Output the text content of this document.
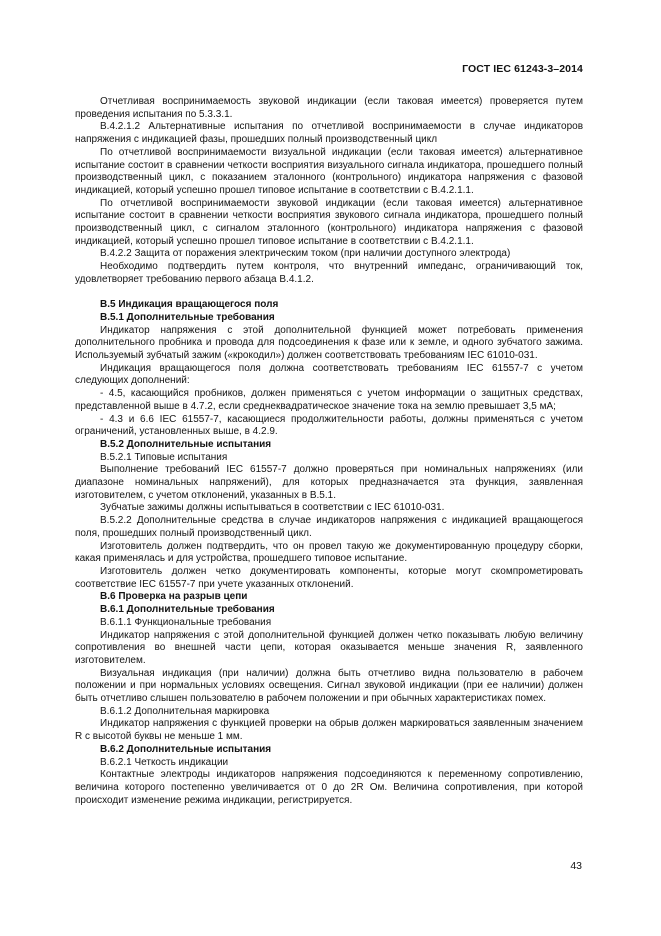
ГОСТ IEC 61243-3–2014

Отчетливая воспринимаемость звуковой индикации (если таковая имеется) проверяется путем проведения испытания по 5.3.3.1.

В.4.2.1.2 Альтернативные испытания по отчетливой воспринимаемости в случае индикаторов напряжения с индикацией фазы, прошедших полный производственный цикл

По отчетливой воспринимаемости визуальной индикации (если таковая имеется) альтернативное испытание состоит в сравнении четкости восприятия визуального сигнала индикатора, прошедшего полный производственный цикл, с показанием эталонного (контрольного) индикатора напряжения с фазовой индикацией, который успешно прошел типовое испытание в соответствии с В.4.2.1.1.

По отчетливой воспринимаемости звуковой индикации (если таковая имеется) альтернативное испытание состоит в сравнении четкости восприятия звукового сигнала индикатора, прошедшего полный производственный цикл, с сигналом эталонного (контрольного) индикатора напряжения с фазовой индикацией, который успешно прошел типовое испытание в соответствии с В.4.2.1.1.

В.4.2.2 Защита от поражения электрическим током (при наличии доступного электрода)

Необходимо подтвердить путем контроля, что внутренний импеданс, ограничивающий ток, удовлетворяет требованию первого абзаца В.4.1.2.

В.5 Индикация вращающегося поля

В.5.1 Дополнительные требования

Индикатор напряжения с этой дополнительной функцией может потребовать применения дополнительного пробника и провода для подсоединения к фазе или к земле, и одного зубчатого зажима. Используемый зубчатый зажим («крокодил») должен соответствовать требованиям IEC 61010-031.

Индикация вращающегося поля должна соответствовать требованиям IEC 61557-7 с учетом следующих дополнений:

- 4.5, касающийся пробников, должен применяться с учетом информации о защитных средствах, представленной выше в 4.7.2, если среднеквадратическое значение тока на землю превышает 3,5 мА;

- 4.3 и 6.6 IEC 61557-7, касающиеся продолжительности работы, должны применяться с учетом ограничений, установленных выше, в 4.2.9.

В.5.2 Дополнительные испытания

В.5.2.1 Типовые испытания

Выполнение требований IEC 61557-7 должно проверяться при номинальных напряжениях (или диапазоне номинальных напряжений), для которых предназначается эта функция, заявленная изготовителем, с учетом отклонений, указанных в В.5.1.

Зубчатые зажимы должны испытываться в соответствии с IEC 61010-031.

В.5.2.2 Дополнительные средства в случае индикаторов напряжения с индикацией вращающегося поля, прошедших полный производственный цикл.

Изготовитель должен подтвердить, что он провел такую же документированную процедуру сборки, какая применялась и для устройства, прошедшего типовое испытание.

Изготовитель должен четко документировать компоненты, которые могут скомпрометировать соответствие IEC 61557-7 при учете указанных отклонений.

В.6 Проверка на разрыв цепи

В.6.1 Дополнительные требования

В.6.1.1 Функциональные требования

Индикатор напряжения с этой дополнительной функцией должен четко показывать любую величину сопротивления во внешней части цепи, которая оказывается меньше значения R, заявленного изготовителем.

Визуальная индикация (при наличии) должна быть отчетливо видна пользователю в рабочем положении и при нормальных условиях освещения. Сигнал звуковой индикации (при ее наличии) должен быть отчетливо слышен пользователю в рабочем положении и при обычных характеристиках помех.

В.6.1.2 Дополнительная маркировка

Индикатор напряжения с функцией проверки на обрыв должен маркироваться заявленным значением R с высотой буквы не меньше 1 мм.

В.6.2 Дополнительные испытания

В.6.2.1 Четкость индикации

Контактные электроды индикаторов напряжения подсоединяются к переменному сопротивлению, величина которого постепенно увеличивается от 0 до 2R Ом. Величина сопротивления, при которой происходит изменение режима индикации, регистрируется.

43
